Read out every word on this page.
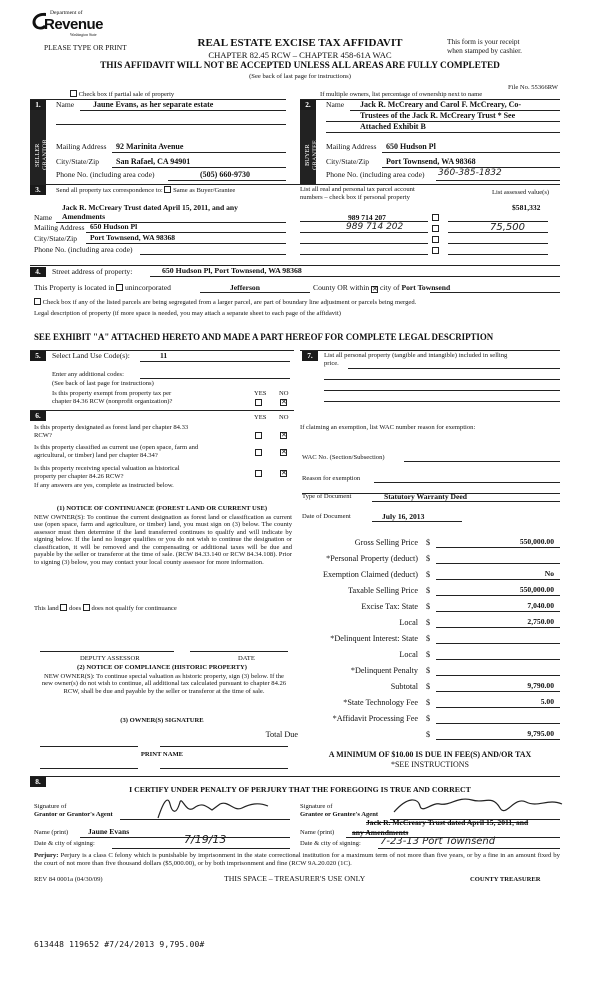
Department of
Revenue
Washington State
PLEASE TYPE OR PRINT	REAL ESTATE EXCISE TAX AFFIDAVIT
CHAPTER 82.45 RCW – CHAPTER 458-61A WAC
This form is your receipt
when stamped by cashier.
THIS AFFIDAVIT WILL NOT BE ACCEPTED UNLESS ALL AREAS ARE FULLY COMPLETED
(See back of last page for instructions)
File No. 55366RW
Check box if partial sale of property	If multiple owners, list percentage of ownership next to name
1.	2.
SELLER GRANTOR	BUYER GRANTEE
Name Jaune Evans, as her separate estate
Mailing Address 92 Marinita Avenue
City/State/Zip San Rafael, CA 94901
Phone No. (including area code)	(505) 660-9730
Name Jack R. McCreary and Carol F. McCreary, Co-
Trustees of the Jack R. McCreary Trust * See
Attached Exhibit B
Mailing Address 650 Hudson Pl
City/State/Zip Port Townsend, WA 98368
Phone No. (including area code) 360-385-1832
3.	Send all property tax correspondence to: Same as Buyer/Grantee
Jack R. McCreary Trust dated April 15, 2011, and any
Name Amendments
Mailing Address 650 Hudson Pl
City/State/Zip Port Townsend, WA 98368
Phone No. (including area code)
List all real and personal tax parcel account
numbers – check box if personal property
List assessed value(s)
989 714 207
$581,332
989 714 202	75,500
4.	Street address of property:	650 Hudson Pl, Port Townsend, WA 98368
This Property is located in unincorporated	Jefferson	County OR within ✕ city of Port Townsend
Check box if any of the listed parcels are being segregated from a larger parcel, are part of boundary line adjustment or parcels being merged.
Legal description of property (if more space is needed, you may attach a separate sheet to each page of the affidavit)
SEE EXHIBIT "A" ATTACHED HERETO AND MADE A PART HEREOF FOR COMPLETE LEGAL DESCRIPTION
5.	Select Land Use Code(s):	11
Enter any additional codes:
(See back of last page for instructions)
YES NO
Is this property exempt from property tax per
chapter 84.36 RCW (nonprofit organization)?	✕
6.	YES NO
Is this property designated as forest land per chapter 84.33
RCW?	✕
Is this property classified as current use (open space, farm and
agricultural, or timber) land per chapter 84.34?	✕
Is this property receiving special valuation as historical
property per chapter 84.26 RCW?	✕
If any answers are yes, complete as instructed below.
(1) NOTICE OF CONTINUANCE (FOREST LAND OR CURRENT USE)

NEW OWNER(S): To continue the current designation as forest land or classification as current use (open space, farm and agriculture, or timber) land, you must sign on (3) below. The county assessor must then determine if the land transferred continues to qualify and will indicate by signing below. If the land no longer qualifies or you do not wish to continue the designation or classification, it will be removed and the compensating or additional taxes will be due and payable by the seller or transferor at the time of sale. (RCW 84.33.140 or RCW 84.34.108). Prior to signing (3) below, you may contact your local county assessor for more information.

This land does does not qualify for continuance
DEPUTY ASSESSOR	DATE
(2) NOTICE OF COMPLIANCE (HISTORIC PROPERTY)

NEW OWNER(S): To continue special valuation as historic property, sign (3) below. If the new owner(s) do not wish to continue, all additional tax calculated pursuant to chapter 84.26 RCW, shall be due and payable by the seller or transferor at the time of sale.

(3) OWNER(S) SIGNATURE
PRINT NAME
7.	List all personal property (tangible and intangible) included in selling
price.
If claiming an exemption, list WAC number reason for exemption:
WAC No. (Section/Subsection)
Reason for exemption
Type of Document	Statutory Warranty Deed
Date of Document	July 16, 2013
Gross Selling Price $	550,000.00
*Personal Property (deduct) $
Exemption Claimed (deduct) $	No
Taxable Selling Price $	550,000.00
Excise Tax: State $	7,040.00
Local $	2,750.00
*Delinquent Interest: State $
Local $
*Delinquent Penalty $
Subtotal $	9,790.00
*State Technology Fee $	5.00
*Affidavit Processing Fee $
Total Due	$	9,795.00
A MINIMUM OF $10.00 IS DUE IN FEE(S) AND/OR TAX
*SEE INSTRUCTIONS
8.
I CERTIFY UNDER PENALTY OF PERJURY THAT THE FOREGOING IS TRUE AND CORRECT
Signature of
Grantor or Grantor's Agent
Signature of
Grantee or Grantee's Agent
Name (print)	Jaune Evans
Date & city of signing:	7/19/13
Jack R. McCreary Trust dated April 15, 2011, and
Name (print) any Amendments
Date & city of signing: 7-23-13 Port Townsend

Perjury: Perjury is a class C felony which is punishable by imprisonment in the state correctional institution for a maximum term of not more than five years, or by a fine in an amount fixed by the court of not more than five thousand dollars ($5,000.00), or by both imprisonment and fine (RCW 9A.20.020 (1C).

REV 84 0001a (04/30/09)	THIS SPACE – TREASURER'S USE ONLY	COUNTY TREASURER
613448 119652 #7/24/2013 9,795.00#
